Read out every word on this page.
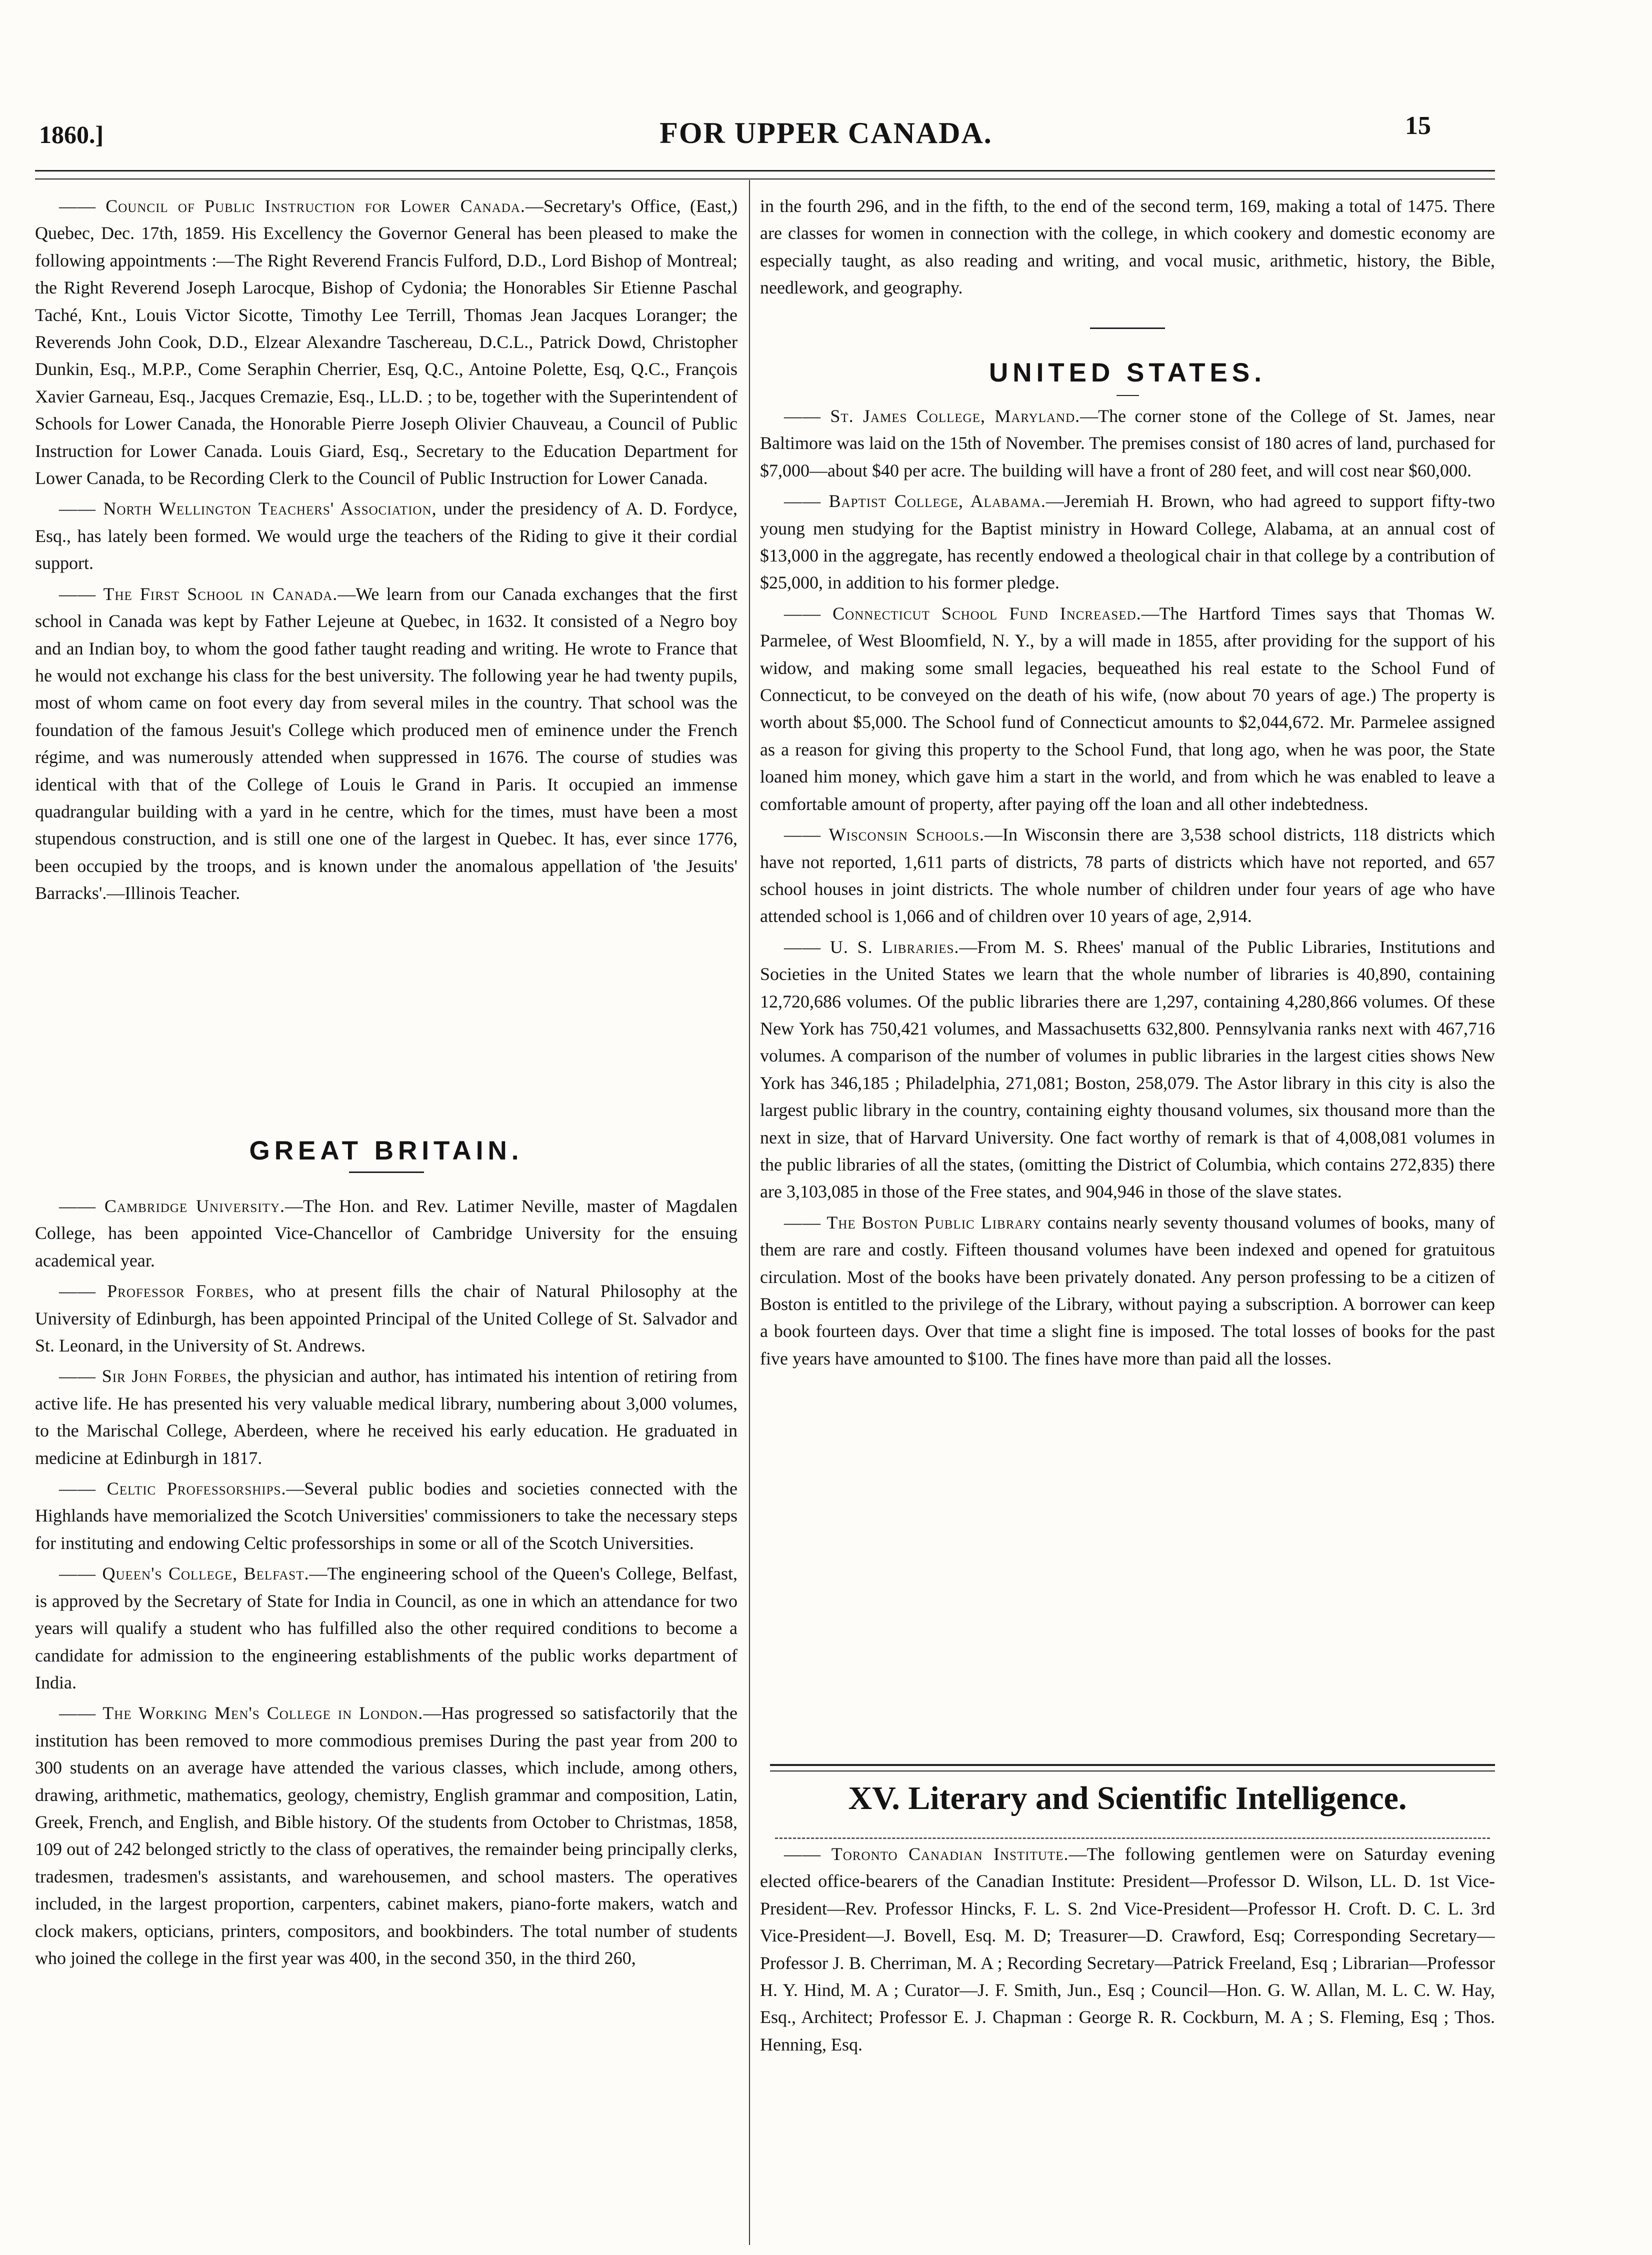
1860.]	FOR UPPER CANADA.	15

—— Council of Public Instruction for Lower Canada.—Secretary's Office, (East,) Quebec, Dec. 17th, 1859. His Excellency the Governor General has been pleased to make the following appointments :—The Right Reverend Francis Fulford, D.D., Lord Bishop of Montreal; the Right Reverend Joseph Larocque, Bishop of Cydonia; the Honorables Sir Etienne Paschal Taché, Knt., Louis Victor Sicotte, Timothy Lee Terrill, Thomas Jean Jacques Loranger; the Reverends John Cook, D.D., Elzear Alexandre Taschereau, D.C.L., Patrick Dowd, Christopher Dunkin, Esq., M.P.P., Come Seraphin Cherrier, Esq, Q.C., Antoine Polette, Esq, Q.C., François Xavier Garneau, Esq., Jacques Cremazie, Esq., LL.D. ; to be, together with the Superintendent of Schools for Lower Canada, the Honorable Pierre Joseph Olivier Chauveau, a Council of Public Instruction for Lower Canada. Louis Giard, Esq., Secretary to the Education Department for Lower Canada, to be Recording Clerk to the Council of Public Instruction for Lower Canada.

—— North Wellington Teachers' Association, under the presidency of A. D. Fordyce, Esq., has lately been formed. We would urge the teachers of the Riding to give it their cordial support.

—— The First School in Canada.—We learn from our Canada exchanges that the first school in Canada was kept by Father Lejeune at Quebec, in 1632. It consisted of a Negro boy and an Indian boy, to whom the good father taught reading and writing. He wrote to France that he would not exchange his class for the best university. The following year he had twenty pupils, most of whom came on foot every day from several miles in the country. That school was the foundation of the famous Jesuit's College which produced men of eminence under the French régime, and was numerously attended when suppressed in 1676. The course of studies was identical with that of the College of Louis le Grand in Paris. It occupied an immense quadrangular building with a yard in he centre, which for the times, must have been a most stupendous construction, and is still one one of the largest in Quebec. It has, ever since 1776, been occupied by the troops, and is known under the anomalous appellation of 'the Jesuits' Barracks'.—Illinois Teacher.

GREAT BRITAIN.

—— Cambridge University.—The Hon. and Rev. Latimer Neville, master of Magdalen College, has been appointed Vice-Chancellor of Cambridge University for the ensuing academical year.

—— Professor Forbes, who at present fills the chair of Natural Philosophy at the University of Edinburgh, has been appointed Principal of the United College of St. Salvador and St. Leonard, in the University of St. Andrews.

—— Sir John Forbes, the physician and author, has intimated his intention of retiring from active life. He has presented his very valuable medical library, numbering about 3,000 volumes, to the Marischal College, Aberdeen, where he received his early education. He graduated in medicine at Edinburgh in 1817.

—— Celtic Professorships.—Several public bodies and societies connected with the Highlands have memorialized the Scotch Universities' commissioners to take the necessary steps for instituting and endowing Celtic professorships in some or all of the Scotch Universities.

—— Queen's College, Belfast.—The engineering school of the Queen's College, Belfast, is approved by the Secretary of State for India in Council, as one in which an attendance for two years will qualify a student who has fulfilled also the other required conditions to become a candidate for admission to the engineering establishments of the public works department of India.

—— The Working Men's College in London.—Has progressed so satisfactorily that the institution has been removed to more commodious premises During the past year from 200 to 300 students on an average have attended the various classes, which include, among others, drawing, arithmetic, mathematics, geology, chemistry, English grammar and composition, Latin, Greek, French, and English, and Bible history. Of the students from October to Christmas, 1858, 109 out of 242 belonged strictly to the class of operatives, the remainder being principally clerks, tradesmen, tradesmen's assistants, and warehousemen, and school masters. The operatives included, in the largest proportion, carpenters, cabinet makers, piano-forte makers, watch and clock makers, opticians, printers, compositors, and bookbinders. The total number of students who joined the college in the first year was 400, in the second 350, in the third 260,

in the fourth 296, and in the fifth, to the end of the second term, 169, making a total of 1475. There are classes for women in connection with the college, in which cookery and domestic economy are especially taught, as also reading and writing, and vocal music, arithmetic, history, the Bible, needlework, and geography.

UNITED STATES.

—— St. James College, Maryland.—The corner stone of the College of St. James, near Baltimore was laid on the 15th of November. The premises consist of 180 acres of land, purchased for $7,000—about $40 per acre. The building will have a front of 280 feet, and will cost near $60,000.

—— Baptist College, Alabama.—Jeremiah H. Brown, who had agreed to support fifty-two young men studying for the Baptist ministry in Howard College, Alabama, at an annual cost of $13,000 in the aggregate, has recently endowed a theological chair in that college by a contribution of $25,000, in addition to his former pledge.

—— Connecticut School Fund Increased.—The Hartford Times says that Thomas W. Parmelee, of West Bloomfield, N. Y., by a will made in 1855, after providing for the support of his widow, and making some small legacies, bequeathed his real estate to the School Fund of Connecticut, to be conveyed on the death of his wife, (now about 70 years of age.) The property is worth about $5,000. The School fund of Connecticut amounts to $2,044,672. Mr. Parmelee assigned as a reason for giving this property to the School Fund, that long ago, when he was poor, the State loaned him money, which gave him a start in the world, and from which he was enabled to leave a comfortable amount of property, after paying off the loan and all other indebtedness.

—— Wisconsin Schools.—In Wisconsin there are 3,538 school districts, 118 districts which have not reported, 1,611 parts of districts, 78 parts of districts which have not reported, and 657 school houses in joint districts. The whole number of children under four years of age who have attended school is 1,066 and of children over 10 years of age, 2,914.

—— U. S. Libraries.—From M. S. Rhees' manual of the Public Libraries, Institutions and Societies in the United States we learn that the whole number of libraries is 40,890, containing 12,720,686 volumes. Of the public libraries there are 1,297, containing 4,280,866 volumes. Of these New York has 750,421 volumes, and Massachusetts 632,800. Pennsylvania ranks next with 467,716 volumes. A comparison of the number of volumes in public libraries in the largest cities shows New York has 346,185 ; Philadelphia, 271,081; Boston, 258,079. The Astor library in this city is also the largest public library in the country, containing eighty thousand volumes, six thousand more than the next in size, that of Harvard University. One fact worthy of remark is that of 4,008,081 volumes in the public libraries of all the states, (omitting the District of Columbia, which contains 272,835) there are 3,103,085 in those of the Free states, and 904,946 in those of the slave states.

—— The Boston Public Library contains nearly seventy thousand volumes of books, many of them are rare and costly. Fifteen thousand volumes have been indexed and opened for gratuitous circulation. Most of the books have been privately donated. Any person professing to be a citizen of Boston is entitled to the privilege of the Library, without paying a subscription. A borrower can keep a book fourteen days. Over that time a slight fine is imposed. The total losses of books for the past five years have amounted to $100. The fines have more than paid all the losses.

XV. Literary and Scientific Intelligence.

—— Toronto Canadian Institute.—The following gentlemen were on Saturday evening elected office-bearers of the Canadian Institute: President—Professor D. Wilson, LL. D. 1st Vice-President—Rev. Professor Hincks, F. L. S. 2nd Vice-President—Professor H. Croft. D. C. L. 3rd Vice-President—J. Bovell, Esq. M. D; Treasurer—D. Crawford, Esq; Corresponding Secretary—Professor J. B. Cherriman, M. A ; Recording Secretary—Patrick Freeland, Esq ; Librarian—Professor H. Y. Hind, M. A ; Curator—J. F. Smith, Jun., Esq ; Council—Hon. G. W. Allan, M. L. C. W. Hay, Esq., Architect; Professor E. J. Chapman : George R. R. Cockburn, M. A ; S. Fleming, Esq ; Thos. Henning, Esq.
